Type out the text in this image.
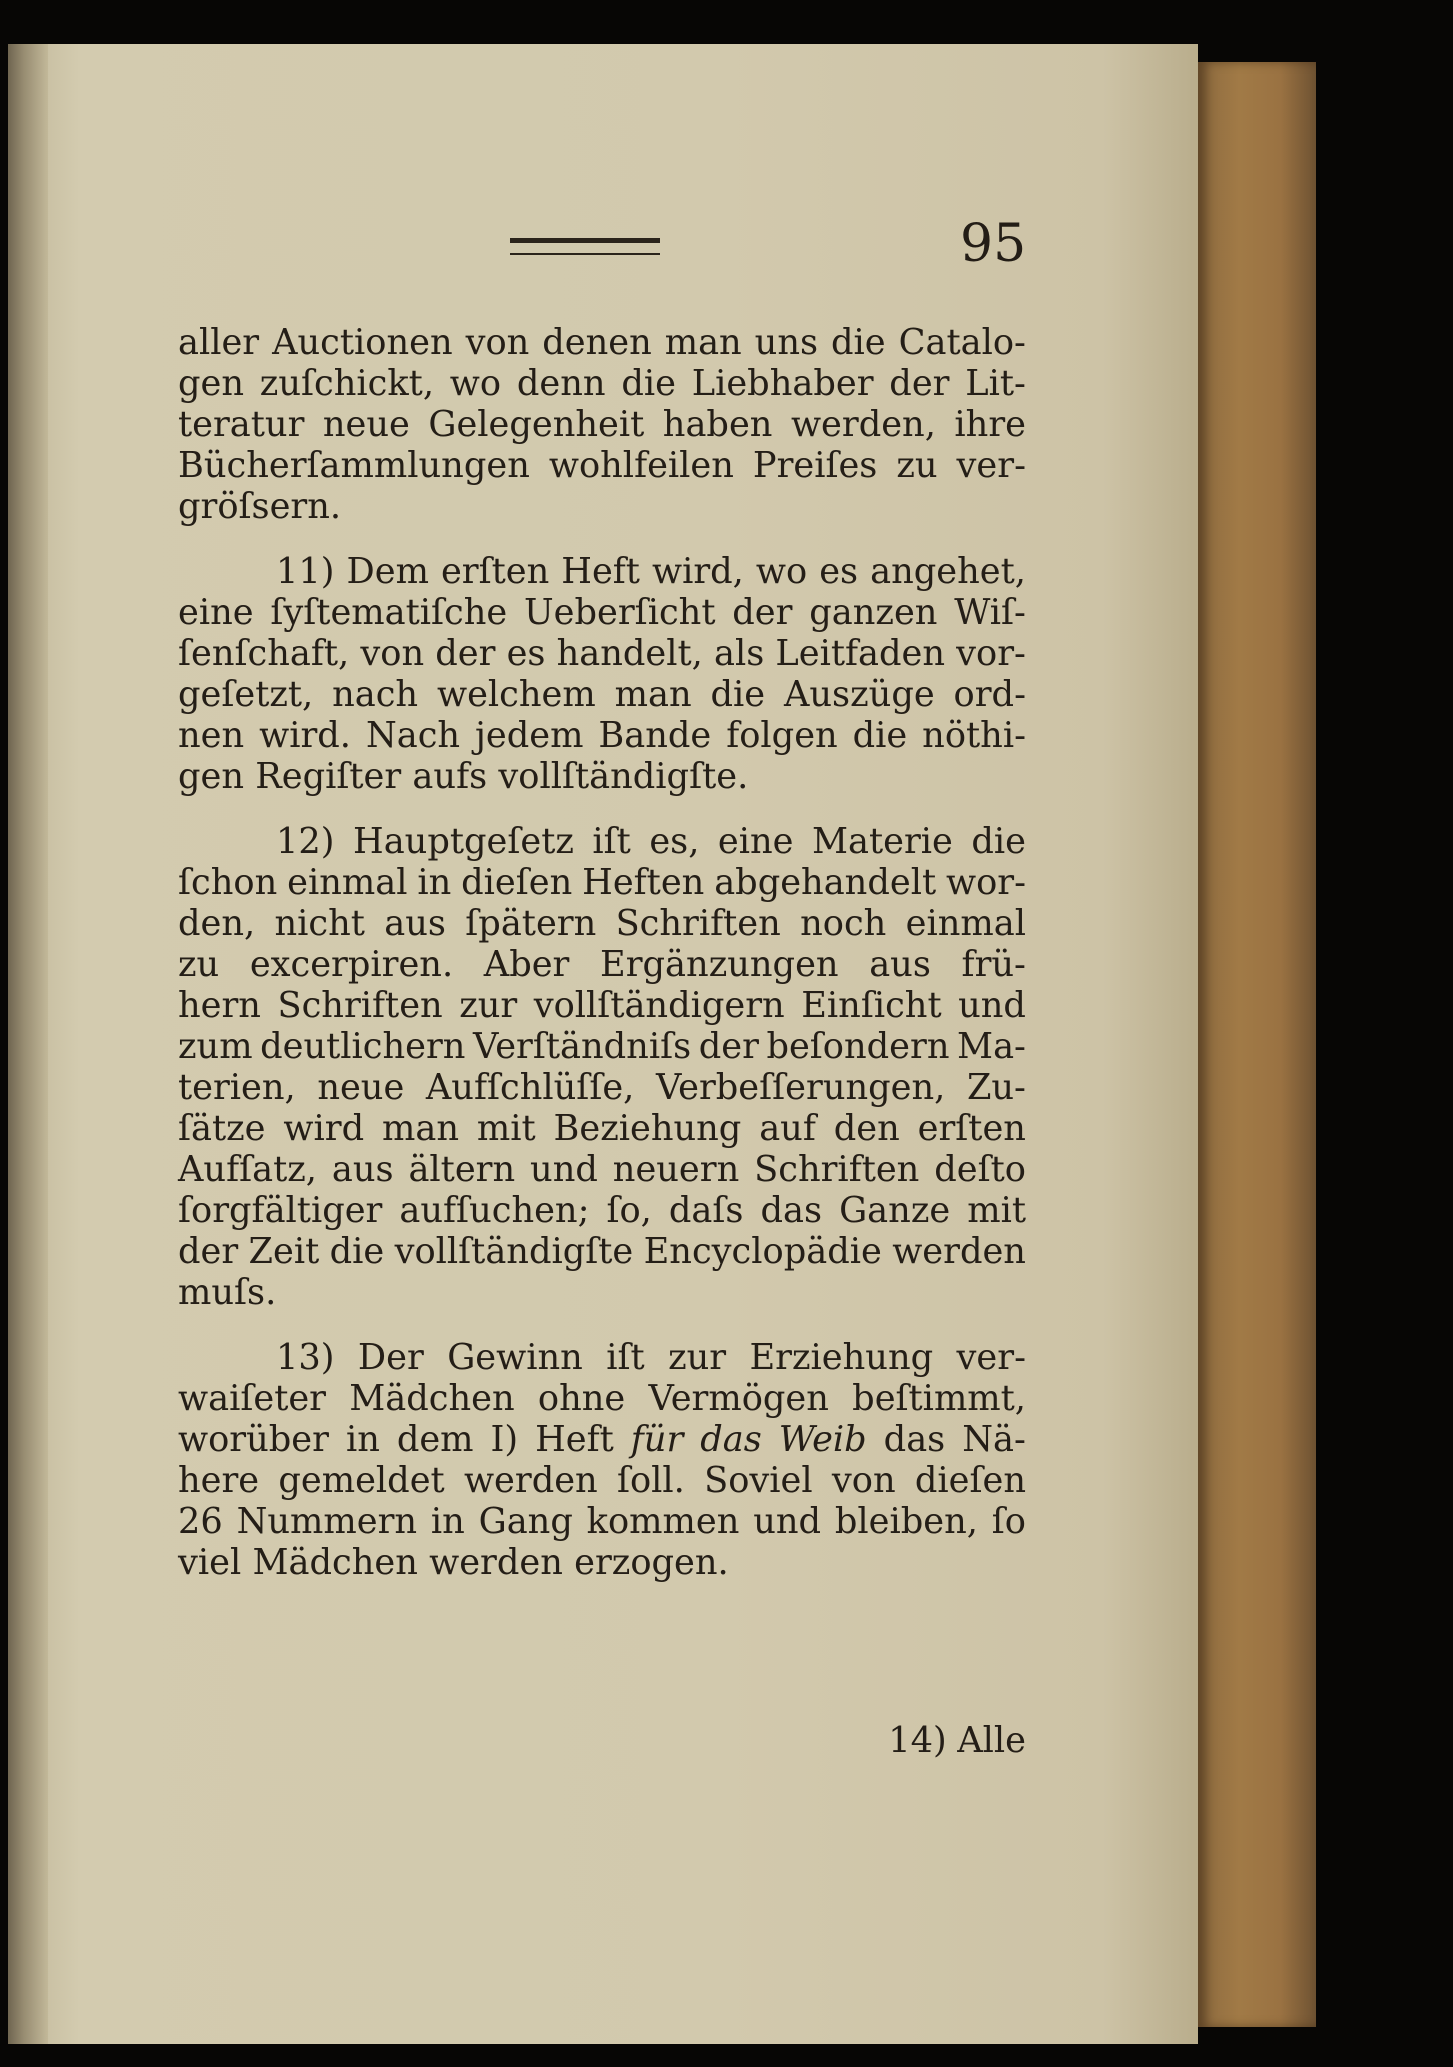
95
aller Auctionen von denen man uns die Catalo-
gen zuſchickt, wo denn die Liebhaber der Lit-
teratur neue Gelegenheit haben werden, ihre
Bücherſammlungen wohlfeilen Preiſes zu ver-
gröſsern.
11) Dem erſten Heft wird, wo es angehet,
eine ſyſtematiſche Ueberſicht der ganzen Wiſ-
ſenſchaft, von der es handelt, als Leitfaden vor-
geſetzt, nach welchem man die Auszüge ord-
nen wird. Nach jedem Bande folgen die nöthi-
gen Regiſter aufs vollſtändigſte.
12) Hauptgeſetz iſt es, eine Materie die
ſchon einmal in dieſen Heften abgehandelt wor-
den, nicht aus ſpätern Schriften noch einmal
zu excerpiren. Aber Ergänzungen aus frü-
hern Schriften zur vollſtändigern Einſicht und
zum deutlichern Verſtändniſs der beſondern Ma-
terien, neue Aufſchlüſſe, Verbeſſerungen, Zu-
ſätze wird man mit Beziehung auf den erſten
Aufſatz, aus ältern und neuern Schriften deſto
ſorgfältiger aufſuchen; ſo, daſs das Ganze mit
der Zeit die vollſtändigſte Encyclopädie werden
muſs.
13) Der Gewinn iſt zur Erziehung ver-
waiſeter Mädchen ohne Vermögen beſtimmt,
worüber in dem I) Heft für das Weib das Nä-
here gemeldet werden ſoll. Soviel von dieſen
26 Nummern in Gang kommen und bleiben, ſo
viel Mädchen werden erzogen.
14) Alle
